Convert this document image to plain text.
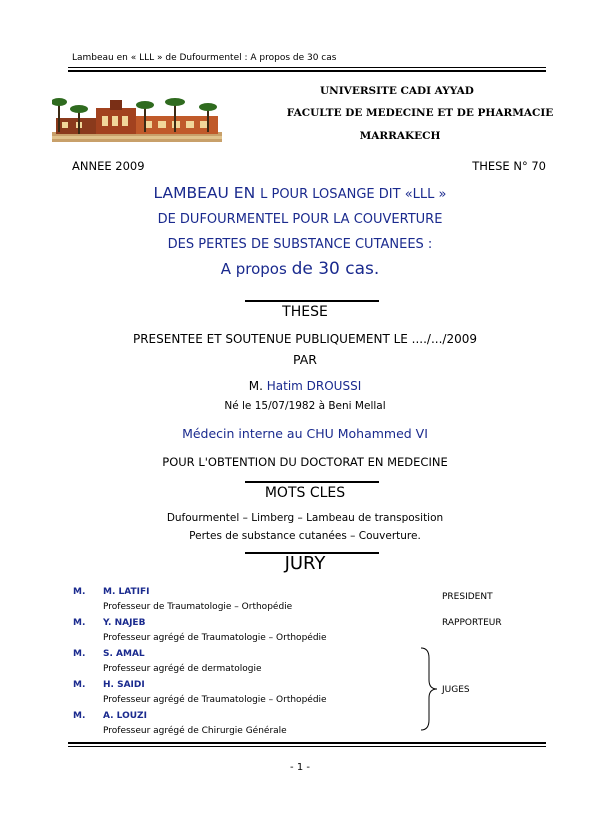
Lambeau en « LLL » de Dufourmentel : A propos de 30 cas
UNIVERSITE CADI AYYAD
FACULTE DE MEDECINE ET DE PHARMACIE
MARRAKECH
ANNEE 2009	THESE N° 70
LAMBEAU EN L POUR LOSANGE DIT «LLL »
DE DUFOURMENTEL POUR LA COUVERTURE
DES PERTES DE SUBSTANCE CUTANEES :
A propos de 30 cas.
THESE
PRESENTEE ET SOUTENUE PUBLIQUEMENT LE ..../.../2009
PAR
M. Hatim DROUSSI
Né le 15/07/1982 à Beni Mellal
Médecin interne au CHU Mohammed VI
POUR L'OBTENTION DU DOCTORAT EN MEDECINE
MOTS CLES
Dufourmentel – Limberg – Lambeau de transposition
Pertes de substance cutanées – Couverture.
JURY
M. M. LATIFI
Professeur de Traumatologie – Orthopédie
M. Y. NAJEB
Professeur agrégé de Traumatologie – Orthopédie
M. S. AMAL
Professeur agrégé de dermatologie
M. H. SAIDI
Professeur agrégé de Traumatologie – Orthopédie
M. A. LOUZI
Professeur agrégé de Chirurgie Générale
PRESIDENT
RAPPORTEUR
JUGES
- 1 -
